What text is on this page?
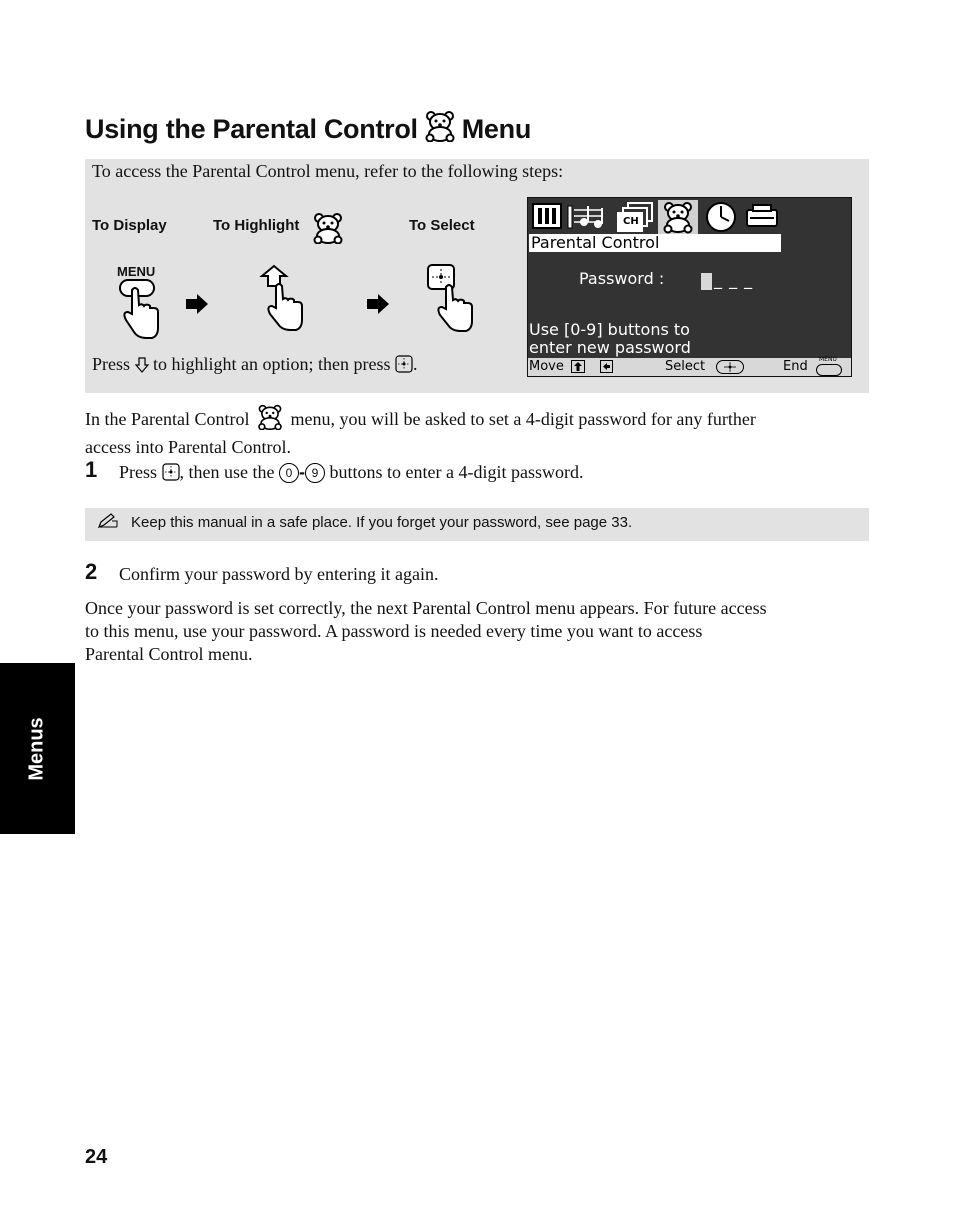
Using the Parental Control Menu
To access the Parental Control menu, refer to the following steps:
To Display	To Highlight	To Select
MENU
Press to highlight an option; then press .
CH
Parental Control
Password :	_ _ _
Use [0-9] buttons to
enter new password
Move	Select	End MENU
In the Parental Control menu, you will be asked to set a 4-digit password for any further
access into Parental Control.
1 Press , then use the 0 - 9 buttons to enter a 4-digit password.
Keep this manual in a safe place. If you forget your password, see page 33.
2 Confirm your password by entering it again.
Once your password is set correctly, the next Parental Control menu appears. For future access
to this menu, use your password. A password is needed every time you want to access
Parental Control menu.
Menus
24
